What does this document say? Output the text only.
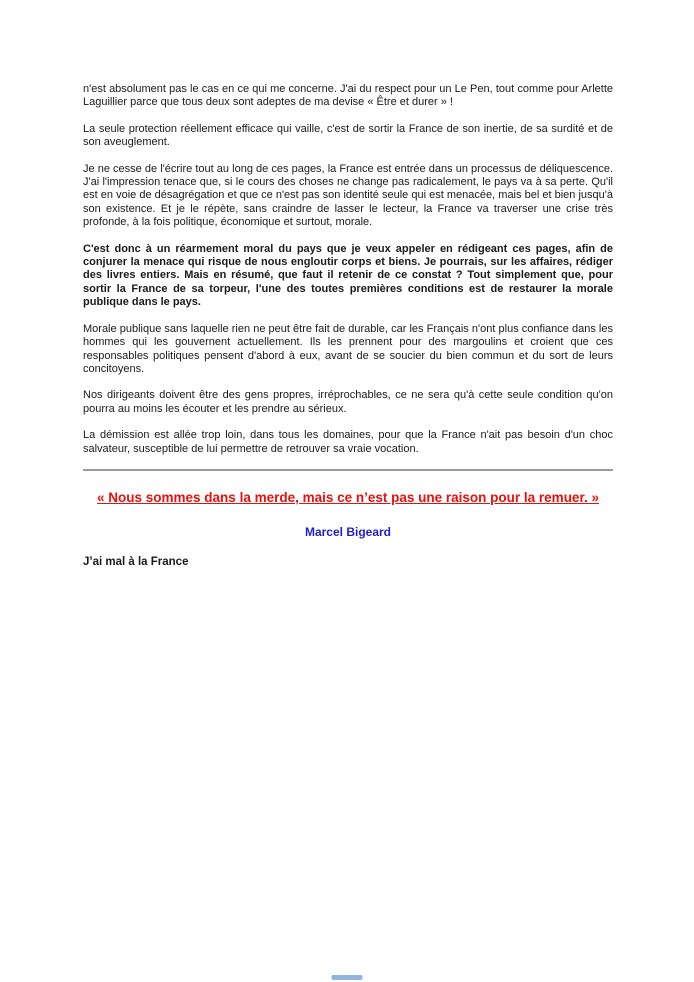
n'est absolument pas le cas en ce qui me concerne. J'ai du respect pour un Le Pen, tout comme pour Arlette Laguillier parce que tous deux sont adeptes de ma devise « Être et durer » !

La seule protection réellement efficace qui vaille, c'est de sortir la France de son inertie, de sa surdité et de son aveuglement.

Je ne cesse de l'écrire tout au long de ces pages, la France est entrée dans un processus de déliquescence. J'ai l'impression tenace que, si le cours des choses ne change pas radicalement, le pays va à sa perte. Qu'il est en voie de désagrégation et que ce n'est pas son identité seule qui est menacée, mais bel et bien jusqu'à son existence. Et je le répète, sans craindre de lasser le lecteur, la France va traverser une crise très profonde, à la fois politique, économique et surtout, morale.

C'est donc à un réarmement moral du pays que je veux appeler en rédigeant ces pages, afin de conjurer la menace qui risque de nous engloutir corps et biens. Je pourrais, sur les affaires, rédiger des livres entiers. Mais en résumé, que faut il retenir de ce constat ? Tout simplement que, pour sortir la France de sa torpeur, l'une des toutes premières conditions est de restaurer la morale publique dans le pays.

Morale publique sans laquelle rien ne peut être fait de durable, car les Français n'ont plus confiance dans les hommes qui les gouvernent actuellement. Ils les prennent pour des margoulins et croient que ces responsables politiques pensent d'abord à eux, avant de se soucier du bien commun et du sort de leurs concitoyens.

Nos dirigeants doivent être des gens propres, irréprochables, ce ne sera qu'à cette seule condition qu'on pourra au moins les écouter et les prendre au sérieux.

La démission est allée trop loin, dans tous les domaines, pour que la France n'ait pas besoin d'un choc salvateur, susceptible de lui permettre de retrouver sa vraie vocation.

« Nous sommes dans la merde, mais ce n’est pas une raison pour la remuer. »

Marcel Bigeard

J’ai mal à la France
